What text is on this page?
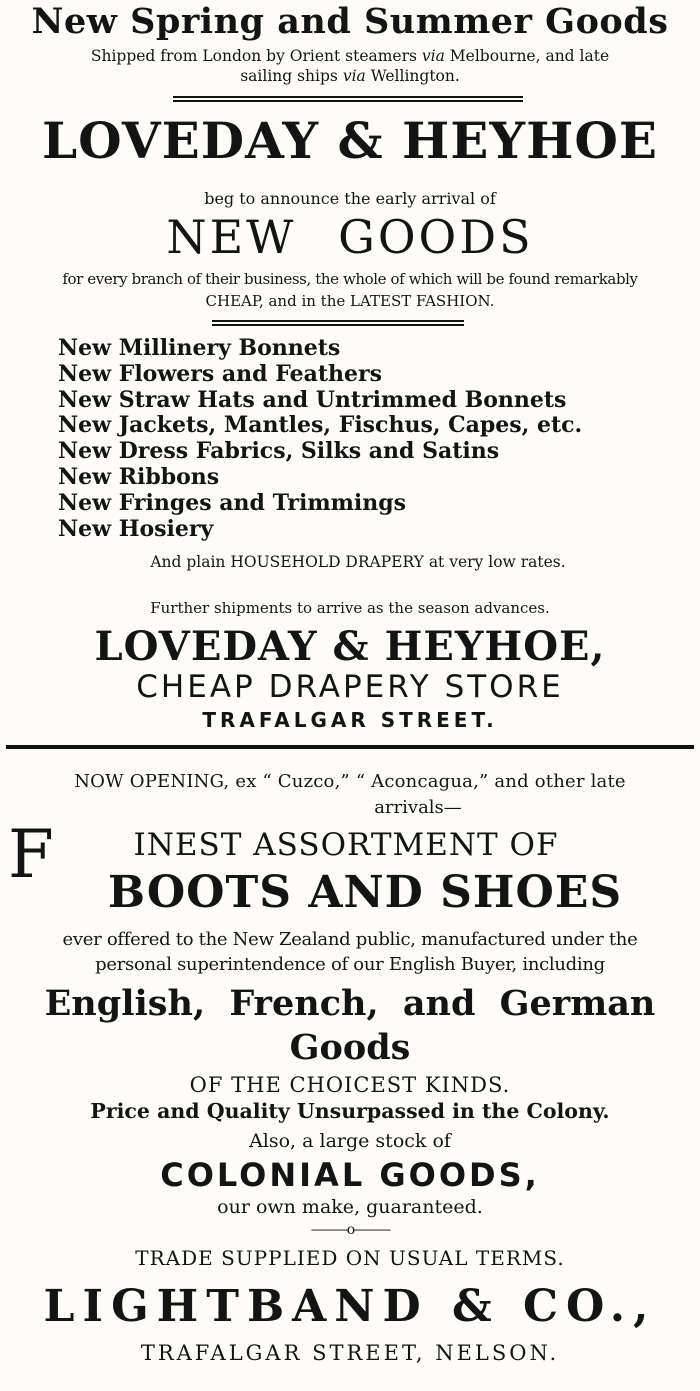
New Spring and Summer Goods
Shipped from London by Orient steamers via Melbourne, and late
sailing ships via Wellington.
LOVEDAY & HEYHOE
beg to announce the early arrival of
NEW GOODS
for every branch of their business, the whole of which will be found remarkably
CHEAP, and in the LATEST FASHION.
New Millinery Bonnets
New Flowers and Feathers
New Straw Hats and Untrimmed Bonnets
New Jackets, Mantles, Fischus, Capes, etc.
New Dress Fabrics, Silks and Satins
New Ribbons
New Fringes and Trimmings
New Hosiery
And plain HOUSEHOLD DRAPERY at very low rates.
Further shipments to arrive as the season advances.
LOVEDAY & HEYHOE,
CHEAP DRAPERY STORE
TRAFALGAR STREET.
NOW OPENING, ex “ Cuzco,” “ Aconcagua,” and other late
arrivals—
F	INEST ASSORTMENT OF
BOOTS AND SHOES
ever offered to the New Zealand public, manufactured under the
personal superintendence of our English Buyer, including
English, French, and German
Goods
OF THE CHOICEST KINDS.
Price and Quality Unsurpassed in the Colony.
Also, a large stock of
COLONIAL GOODS,
our own make, guaranteed.
———o———
TRADE SUPPLIED ON USUAL TERMS.
LIGHTBAND & CO.,
TRAFALGAR STREET, NELSON.
